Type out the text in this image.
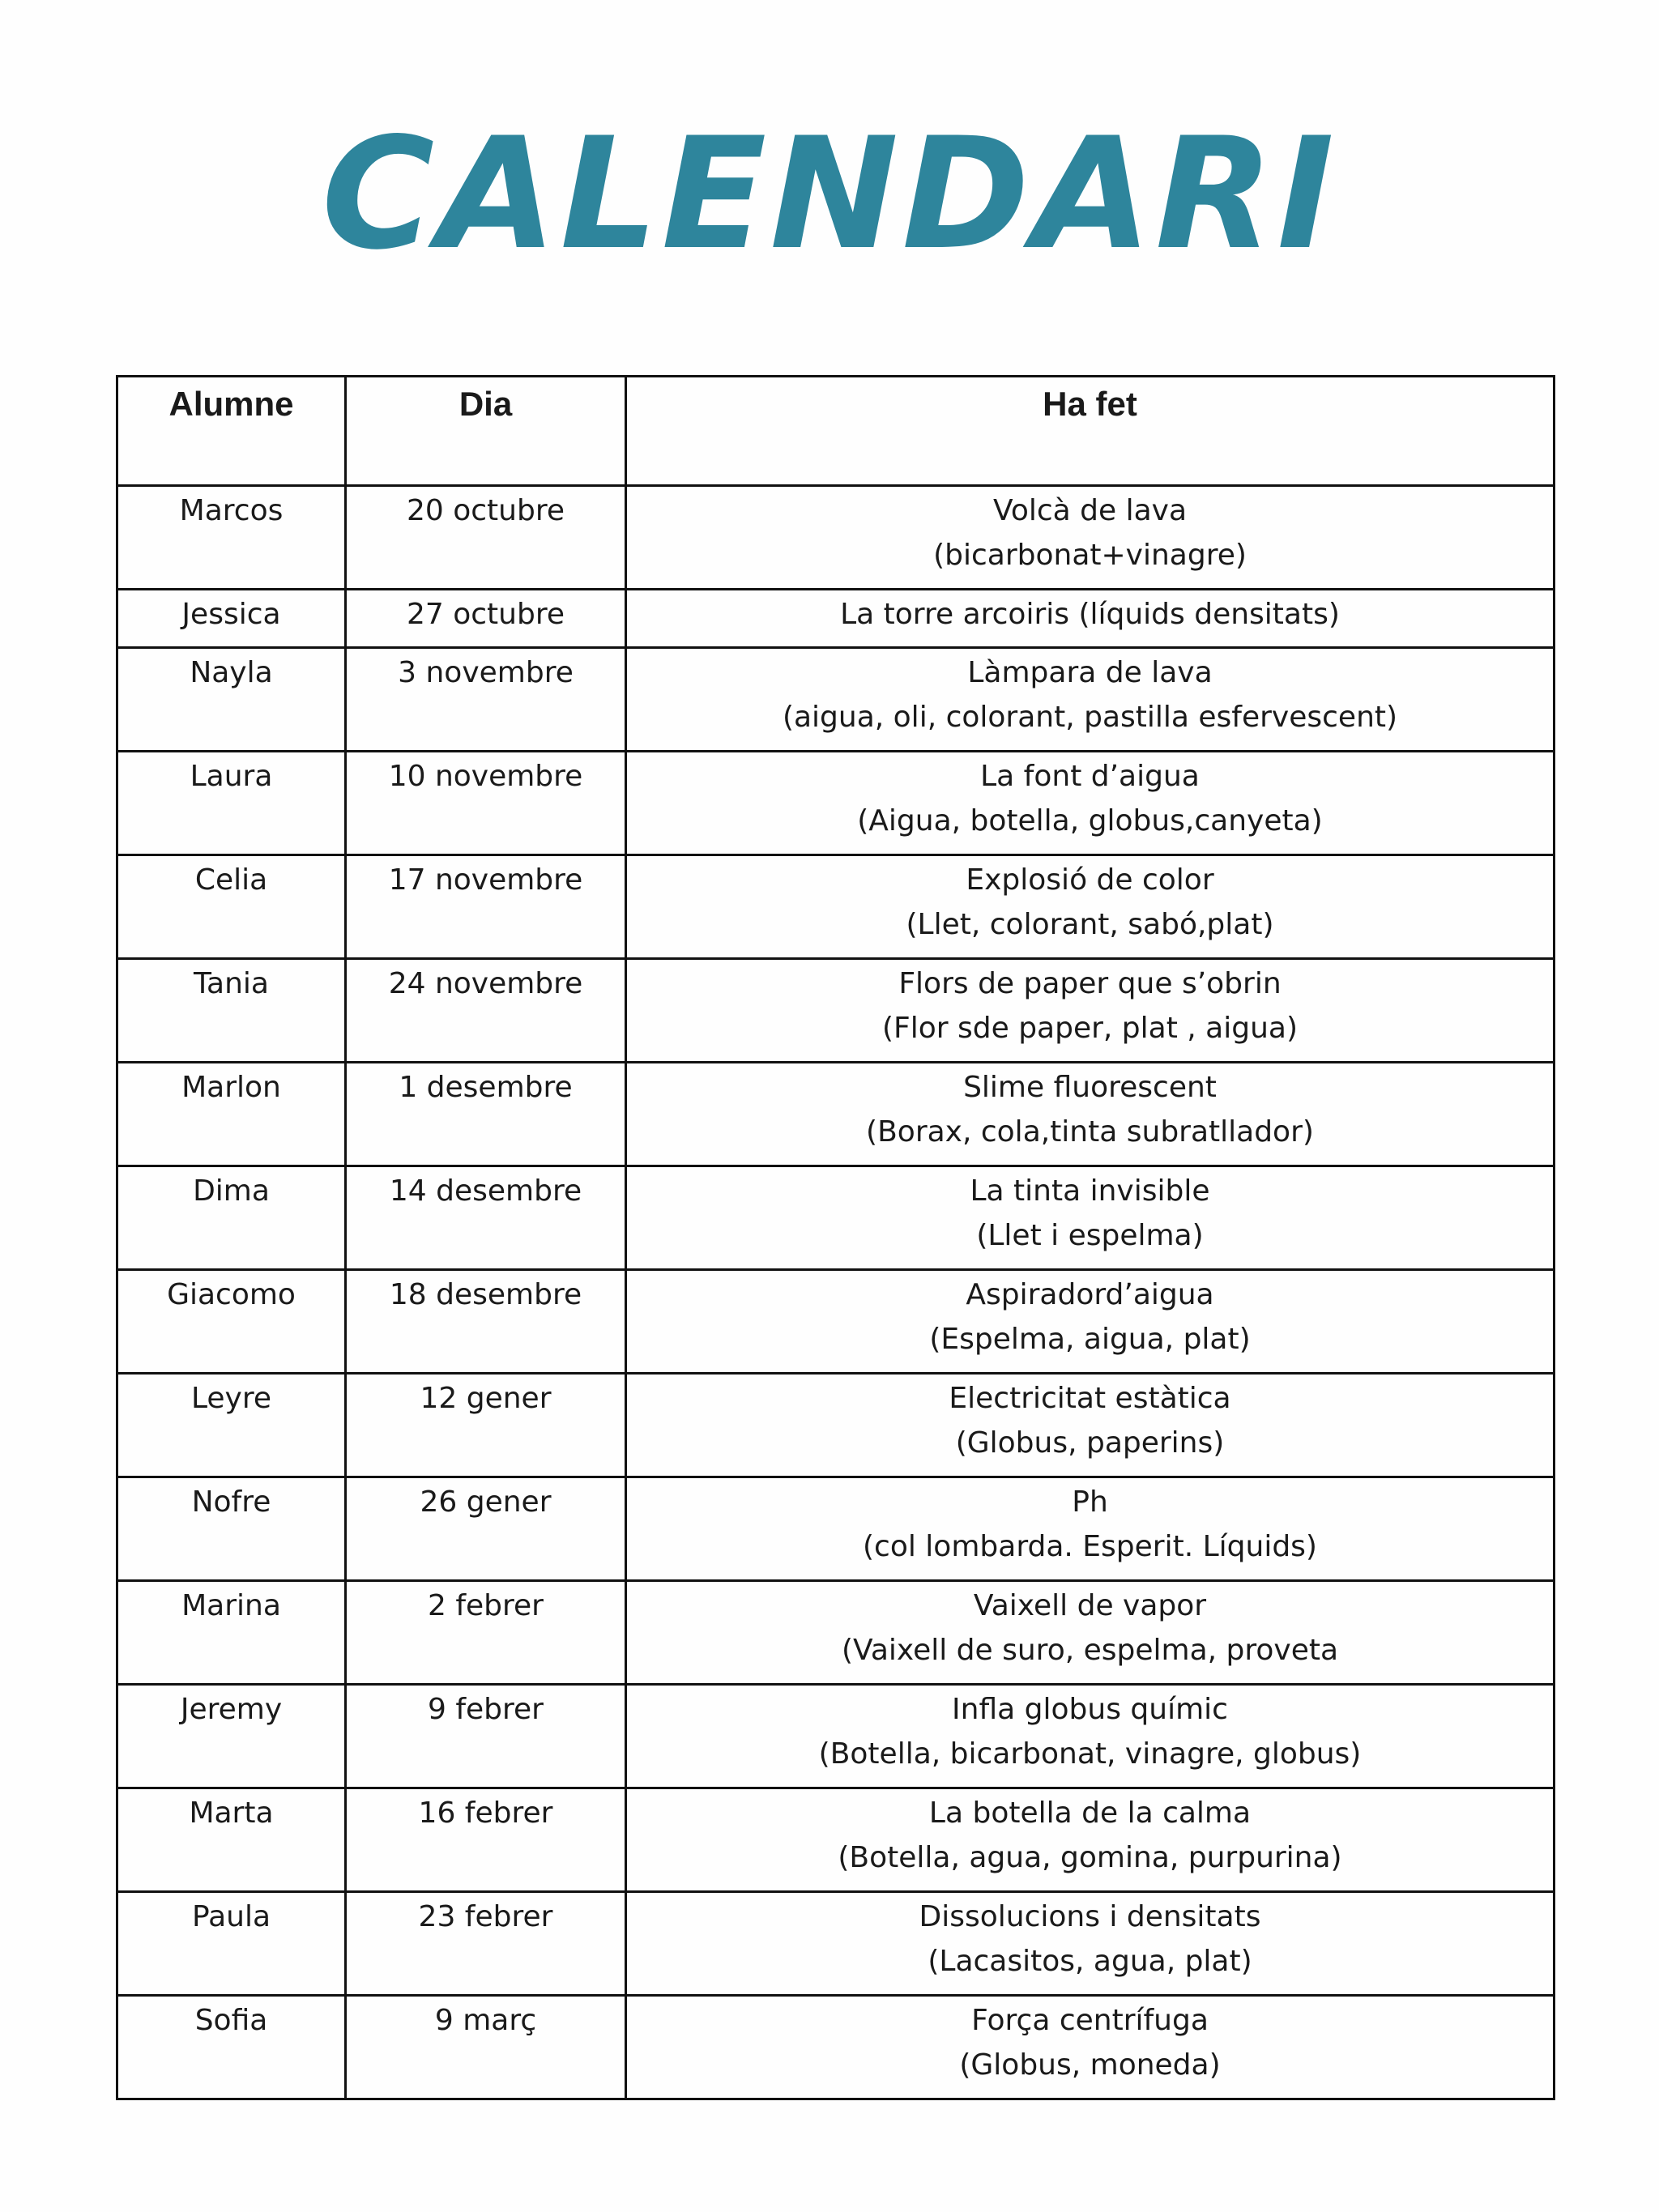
CALENDARI
Alumne	Dia	Ha fet
Marcos	20 octubre	Volcà de lava
(bicarbonat+vinagre)

Jessica	27 octubre	La torre arcoiris (líquids densitats)

Nayla	3 novembre	Làmpara de lava
(aigua, oli, colorant, pastilla esfervescent)

Laura	10 novembre	La font d’aigua
(Aigua, botella, globus,canyeta)

Celia	17 novembre	Explosió de color
(Llet, colorant, sabó,plat)

Tania	24 novembre	Flors de paper que s’obrin
(Flor sde paper, plat , aigua)

Marlon	1 desembre	Slime fluorescent
(Borax, cola,tinta subratllador)

Dima	14 desembre	La tinta invisible
(Llet i espelma)

Giacomo	18 desembre	Aspiradord’aigua
(Espelma, aigua, plat)

Leyre	12 gener	Electricitat estàtica
(Globus, paperins)

Nofre	26 gener	Ph
(col lombarda. Esperit. Líquids)

Marina	2 febrer	Vaixell de vapor
(Vaixell de suro, espelma, proveta

Jeremy	9 febrer	Infla globus químic
(Botella, bicarbonat, vinagre, globus)

Marta	16 febrer	La botella de la calma
(Botella, agua, gomina, purpurina)

Paula	23 febrer	Dissolucions i densitats
(Lacasitos, agua, plat)

Sofia	9 març	Força centrífuga
(Globus, moneda)
